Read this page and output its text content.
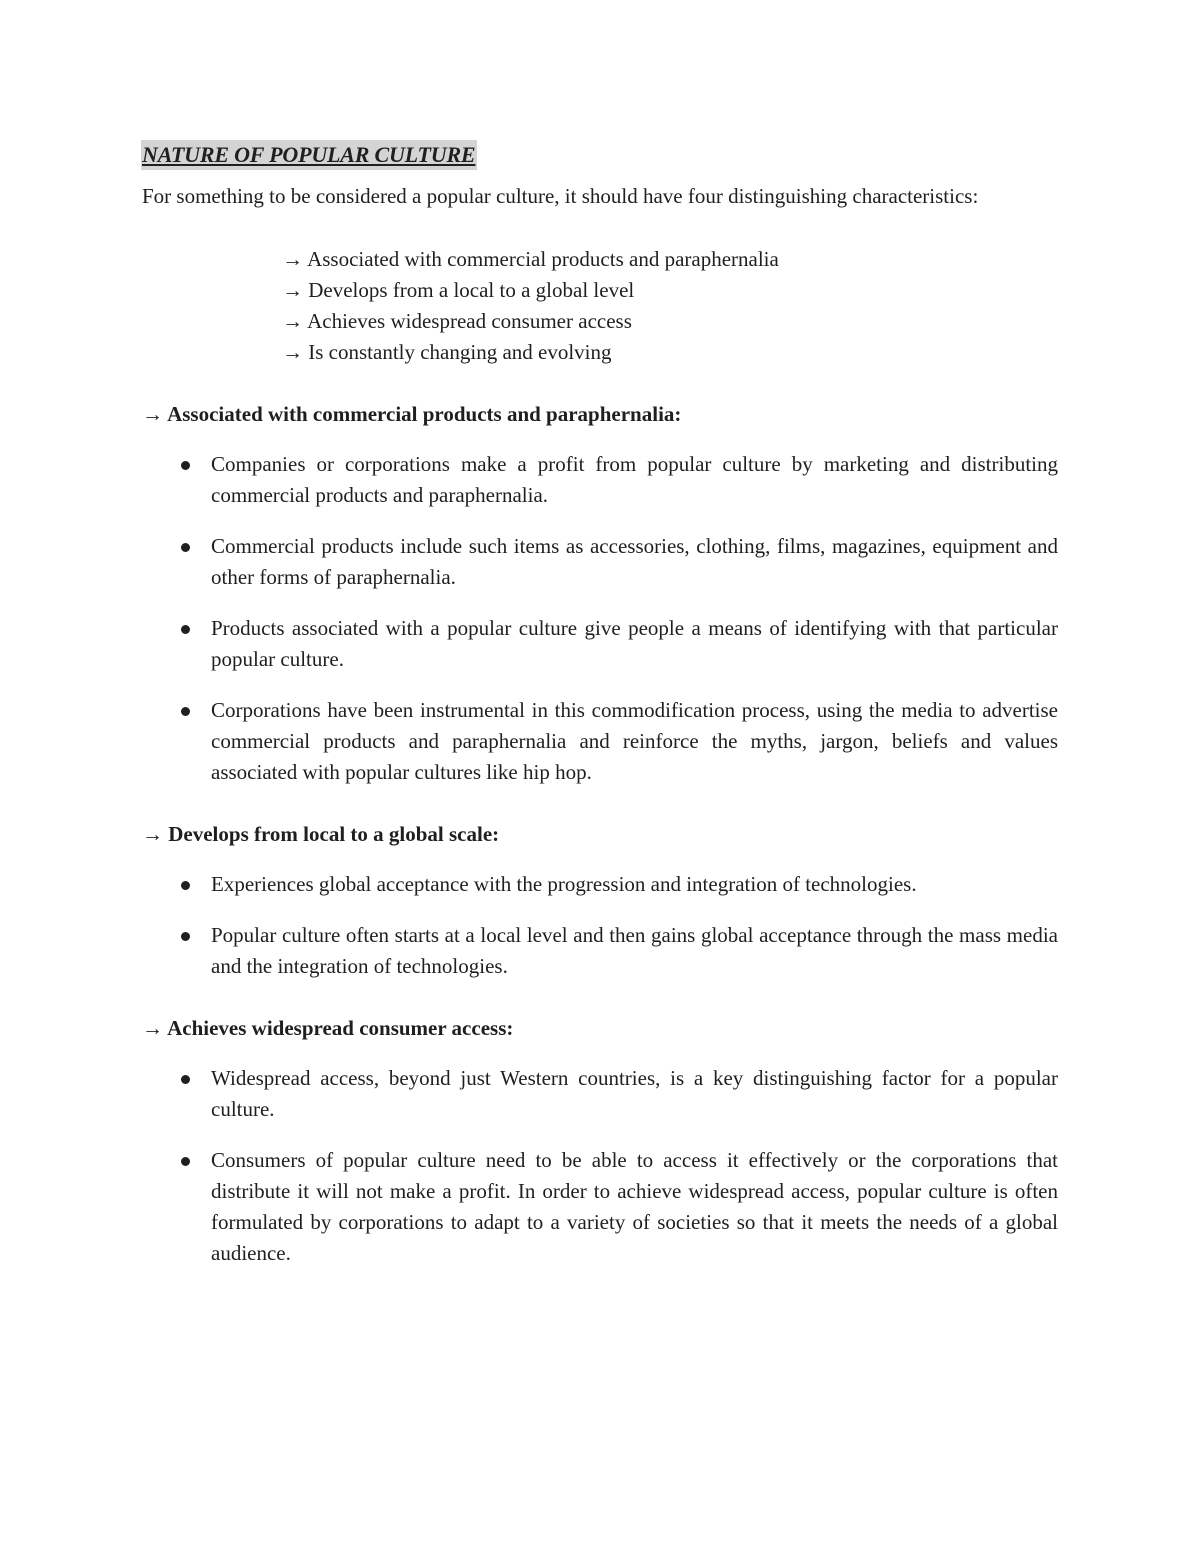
NATURE OF POPULAR CULTURE

For something to be considered a popular culture, it should have four distinguishing characteristics:

→ Associated with commercial products and paraphernalia
→ Develops from a local to a global level
→ Achieves widespread consumer access
→ Is constantly changing and evolving
→ Associated with commercial products and paraphernalia:
Companies or corporations make a profit from popular culture by marketing and distributing commercial products and paraphernalia.
Commercial products include such items as accessories, clothing, films, magazines, equipment and other forms of paraphernalia.
Products associated with a popular culture give people a means of identifying with that particular popular culture.
Corporations have been instrumental in this commodification process, using the media to advertise commercial products and paraphernalia and reinforce the myths, jargon, beliefs and values associated with popular cultures like hip hop.
→ Develops from local to a global scale:
Experiences global acceptance with the progression and integration of technologies.
Popular culture often starts at a local level and then gains global acceptance through the mass media and the integration of technologies.
→ Achieves widespread consumer access:
Widespread access, beyond just Western countries, is a key distinguishing factor for a popular culture.
Consumers of popular culture need to be able to access it effectively or the corporations that distribute it will not make a profit. In order to achieve widespread access, popular culture is often formulated by corporations to adapt to a variety of societies so that it meets the needs of a global audience.
